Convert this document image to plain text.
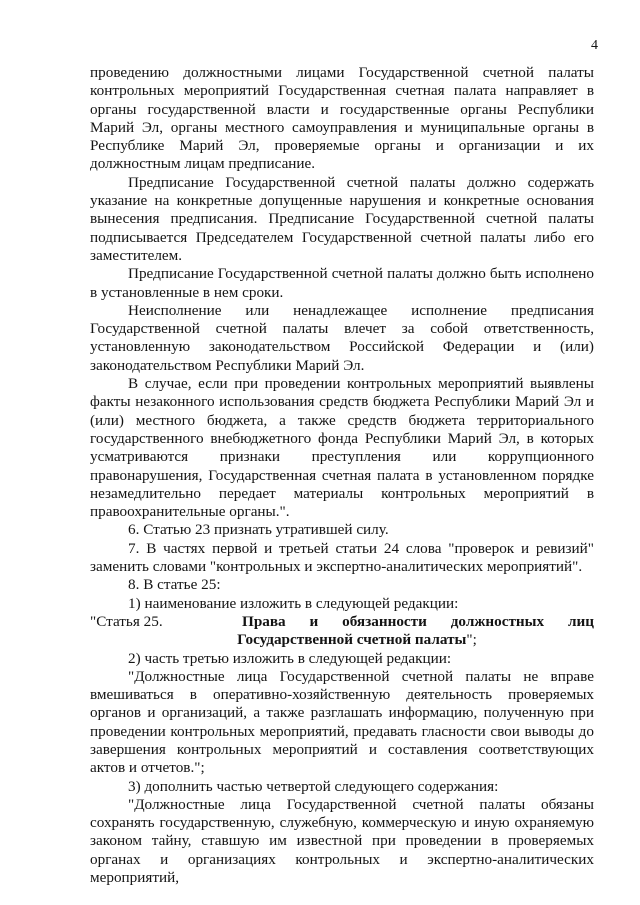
4

проведению должностными лицами Государственной счетной палаты контрольных мероприятий Государственная счетная палата направляет в органы государственной власти и государственные органы Республики Марий Эл, органы местного самоуправления и муниципальные органы в Республике Марий Эл, проверяемые органы и организации и их должностным лицам предписание.

Предписание Государственной счетной палаты должно содержать указание на конкретные допущенные нарушения и конкретные основания вынесения предписания. Предписание Государственной счетной палаты подписывается Председателем Государственной счетной палаты либо его заместителем.

Предписание Государственной счетной палаты должно быть исполнено в установленные в нем сроки.

Неисполнение или ненадлежащее исполнение предписания Государственной счетной палаты влечет за собой ответственность, установленную законодательством Российской Федерации и (или) законодательством Республики Марий Эл.

В случае, если при проведении контрольных мероприятий выявлены факты незаконного использования средств бюджета Республики Марий Эл и (или) местного бюджета, а также средств бюджета территориального государственного внебюджетного фонда Республики Марий Эл, в которых усматриваются признаки преступления или коррупционного правонарушения, Государственная счетная палата в установленном порядке незамедлительно передает материалы контрольных мероприятий в правоохранительные органы.".

6. Статью 23 признать утратившей силу.

7. В частях первой и третьей статьи 24 слова "проверок и ревизий" заменить словами "контрольных и экспертно-аналитических мероприятий".

8. В статье 25:

1) наименование изложить в следующей редакции:

"Статья 25.	Права и обязанности должностных лиц
Государственной счетной палаты";

2) часть третью изложить в следующей редакции:

"Должностные лица Государственной счетной палаты не вправе вмешиваться в оперативно-хозяйственную деятельность проверяемых органов и организаций, а также разглашать информацию, полученную при проведении контрольных мероприятий, предавать гласности свои выводы до завершения контрольных мероприятий и составления соответствующих актов и отчетов.";

3) дополнить частью четвертой следующего содержания:

"Должностные лица Государственной счетной палаты обязаны сохранять государственную, служебную, коммерческую и иную охраняемую законом тайну, ставшую им известной при проведении в проверяемых органах и организациях контрольных и экспертно-аналитических мероприятий,
